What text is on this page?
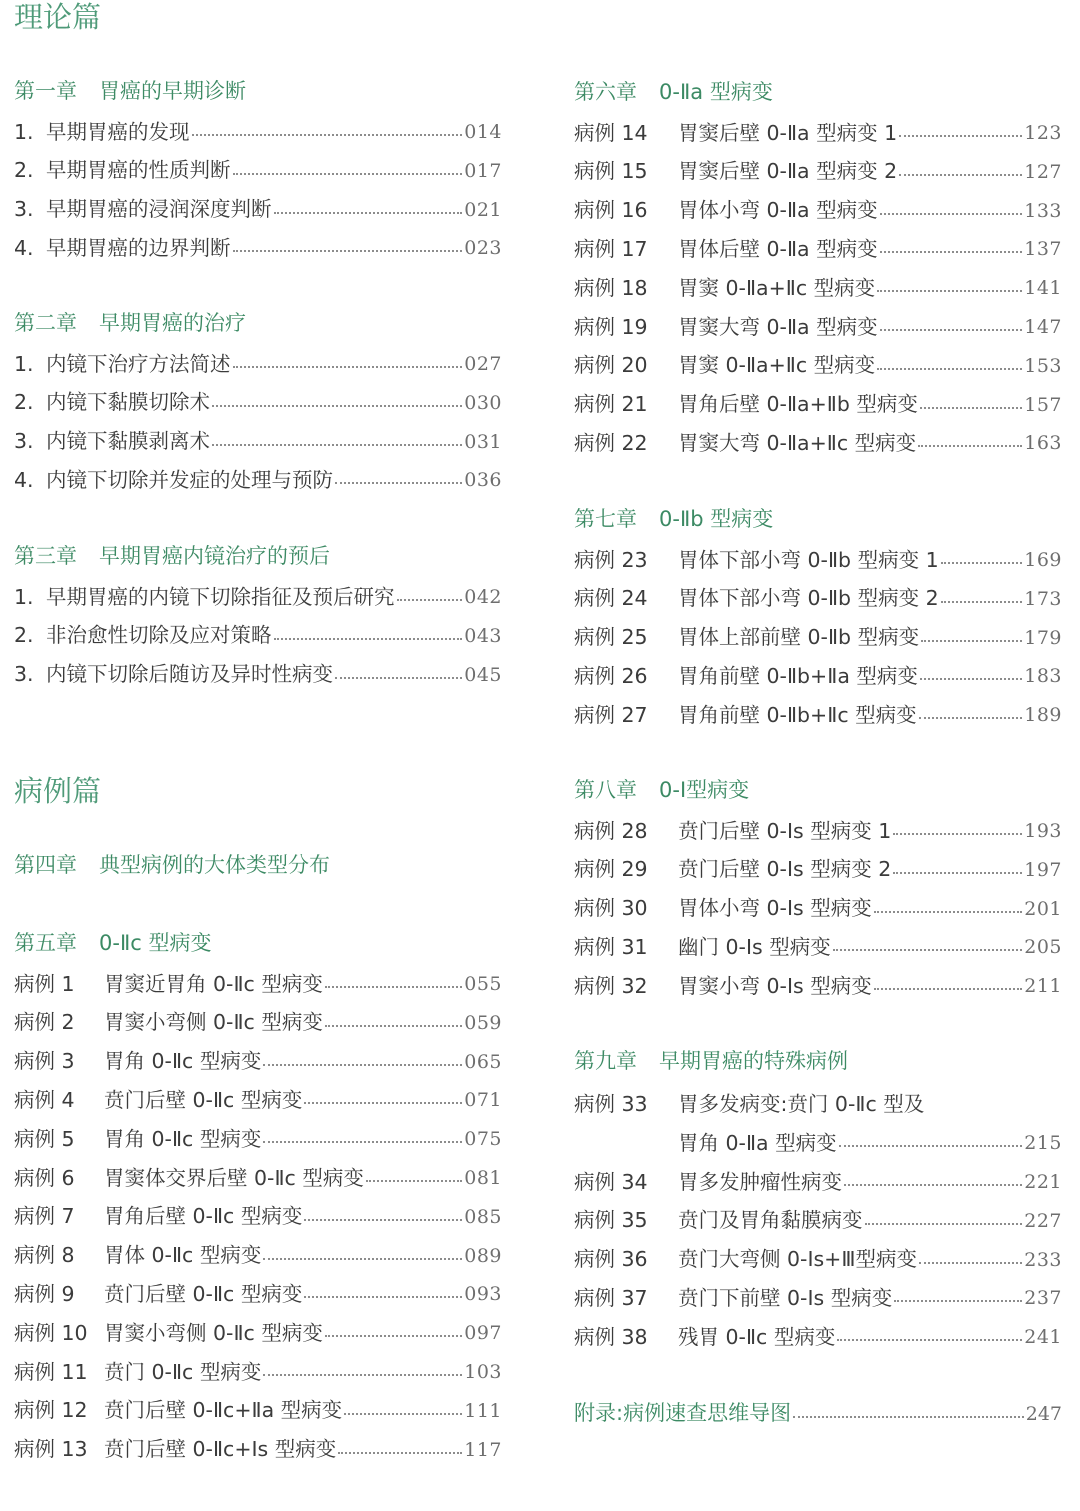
理论篇
第一章 胃癌的早期诊断
1. 早期胃癌的发现	014
2. 早期胃癌的性质判断	017
3. 早期胃癌的浸润深度判断	021
4. 早期胃癌的边界判断	023
第二章 早期胃癌的治疗
1. 内镜下治疗方法简述	027
2. 内镜下黏膜切除术	030
3. 内镜下黏膜剥离术	031
4. 内镜下切除并发症的处理与预防	036
第三章 早期胃癌内镜治疗的预后
1. 早期胃癌的内镜下切除指征及预后研究	042
2. 非治愈性切除及应对策略	043
3. 内镜下切除后随访及异时性病变	045
病例篇
第四章 典型病例的大体类型分布
第五章 0-Ⅱc 型病变
病例 1 胃窦近胃角 0-Ⅱc 型病变	055
病例 2 胃窦小弯侧 0-Ⅱc 型病变	059
病例 3 胃角 0-Ⅱc 型病变	065
病例 4 贲门后壁 0-Ⅱc 型病变	071
病例 5 胃角 0-Ⅱc 型病变	075
病例 6 胃窦体交界后壁 0-Ⅱc 型病变	081
病例 7 胃角后壁 0-Ⅱc 型病变	085
病例 8 胃体 0-Ⅱc 型病变	089
病例 9 贲门后壁 0-Ⅱc 型病变	093
病例 10 胃窦小弯侧 0-Ⅱc 型病变	097
病例 11 贲门 0-Ⅱc 型病变	103
病例 12 贲门后壁 0-Ⅱc+Ⅱa 型病变	111
病例 13 贲门后壁 0-Ⅱc+Ⅰs 型病变	117
第六章 0-Ⅱa 型病变
病例 14 胃窦后壁 0-Ⅱa 型病变 1	123
病例 15 胃窦后壁 0-Ⅱa 型病变 2	127
病例 16 胃体小弯 0-Ⅱa 型病变	133
病例 17 胃体后壁 0-Ⅱa 型病变	137
病例 18 胃窦 0-Ⅱa+Ⅱc 型病变	141
病例 19 胃窦大弯 0-Ⅱa 型病变	147
病例 20 胃窦 0-Ⅱa+Ⅱc 型病变	153
病例 21 胃角后壁 0-Ⅱa+Ⅱb 型病变	157
病例 22 胃窦大弯 0-Ⅱa+Ⅱc 型病变	163
第七章 0-Ⅱb 型病变
病例 23 胃体下部小弯 0-Ⅱb 型病变 1	169
病例 24 胃体下部小弯 0-Ⅱb 型病变 2	173
病例 25 胃体上部前壁 0-Ⅱb 型病变	179
病例 26 胃角前壁 0-Ⅱb+Ⅱa 型病变	183
病例 27 胃角前壁 0-Ⅱb+Ⅱc 型病变	189
第八章 0-Ⅰ型病变
病例 28 贲门后壁 0-Ⅰs 型病变 1	193
病例 29 贲门后壁 0-Ⅰs 型病变 2	197
病例 30 胃体小弯 0-Ⅰs 型病变	201
病例 31 幽门 0-Ⅰs 型病变	205
病例 32 胃窦小弯 0-Ⅰs 型病变	211
第九章 早期胃癌的特殊病例
病例 33 胃多发病变:贲门 0-Ⅱc 型及
胃角 0-Ⅱa 型病变	215
病例 34 胃多发肿瘤性病变	221
病例 35 贲门及胃角黏膜病变	227
病例 36 贲门大弯侧 0-Ⅰs+Ⅲ型病变	233
病例 37 贲门下前壁 0-Ⅰs 型病变	237
病例 38 残胃 0-Ⅱc 型病变	241
附录:病例速查思维导图	247
